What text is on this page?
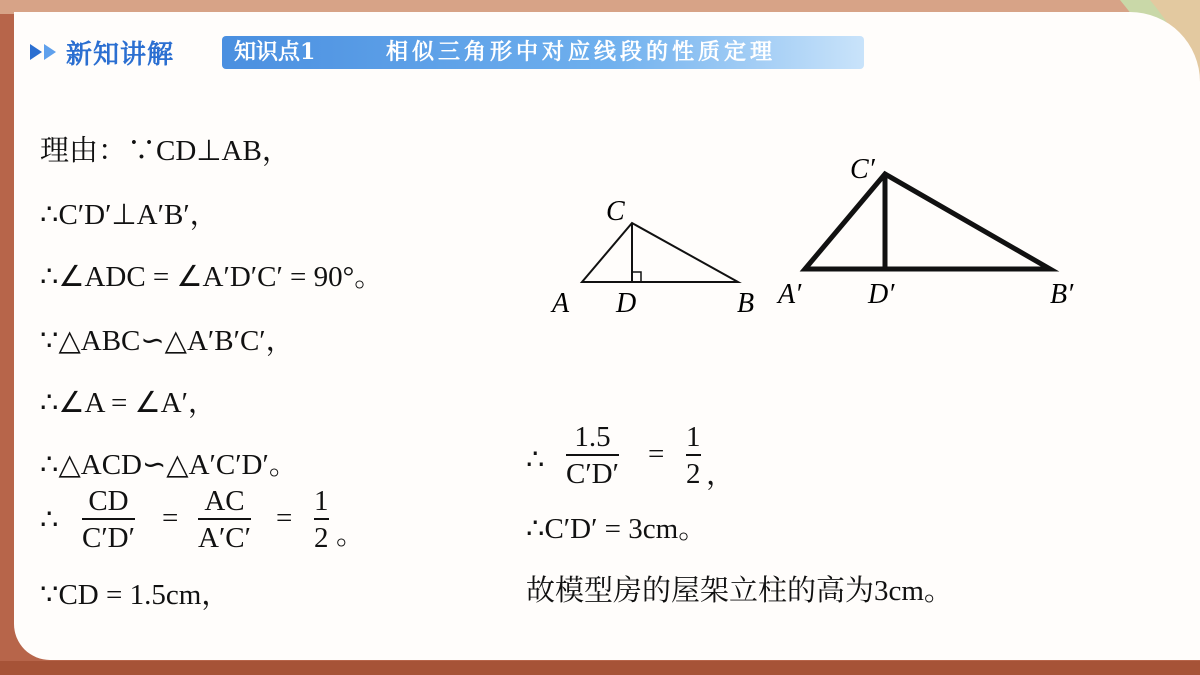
新知讲解	知识点1	相似三角形中对应线段的性质定理
理由：∵CD⊥AB，
∴C′D′⊥A′B′，
∴∠ADC = ∠A′D′C′ = 90°。
∵△ABC∽△A′B′C′，
∴∠A = ∠A′，
∴△ACD∽△A′C′D′。
∴
CD
C′D′
=
AC
A′C′
=
1
2 。
∵CD = 1.5cm，
C
A D	B
C′
A′ D′	B′
∴
1.5
C′D′
=
1
2 ，
∴C′D′ = 3cm。
故模型房的屋架立柱的高为3cm。
